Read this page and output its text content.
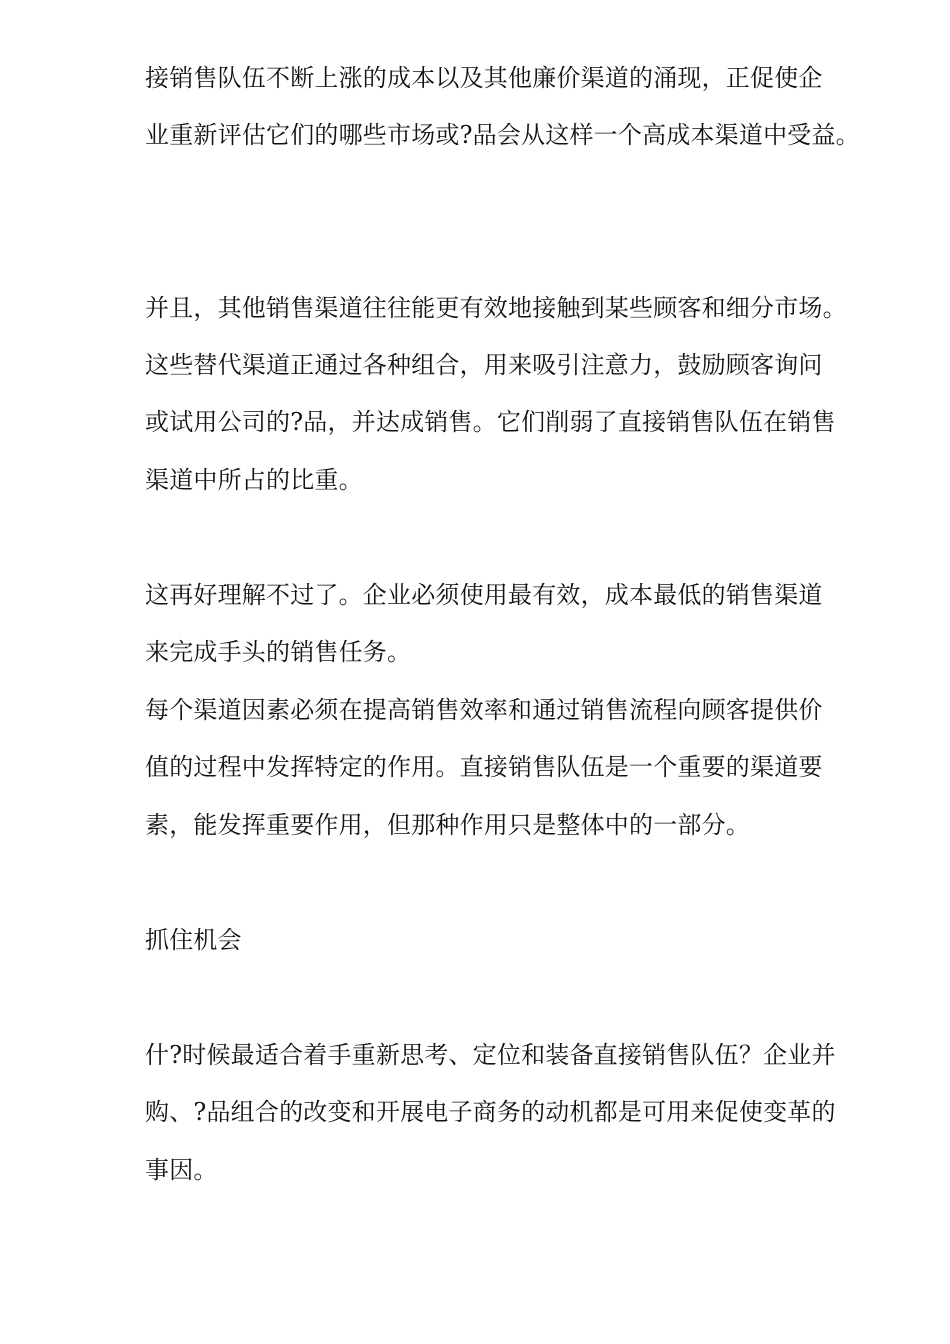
接销售队伍不断上涨的成本以及其他廉价渠道的涌现，正促使企
业重新评估它们的哪些市场或?品会从这样一个高成本渠道中受益。
并且，其他销售渠道往往能更有效地接触到某些顾客和细分市场。
这些替代渠道正通过各种组合，用来吸引注意力，鼓励顾客询问
或试用公司的?品，并达成销售。它们削弱了直接销售队伍在销售
渠道中所占的比重。
这再好理解不过了。企业必须使用最有效，成本最低的销售渠道
来完成手头的销售任务。
每个渠道因素必须在提高销售效率和通过销售流程向顾客提供价
值的过程中发挥特定的作用。直接销售队伍是一个重要的渠道要
素，能发挥重要作用，但那种作用只是整体中的一部分。
抓住机会
什?时候最适合着手重新思考、定位和装备直接销售队伍？企业并
购、?品组合的改变和开展电子商务的动机都是可用来促使变革的
事因。
